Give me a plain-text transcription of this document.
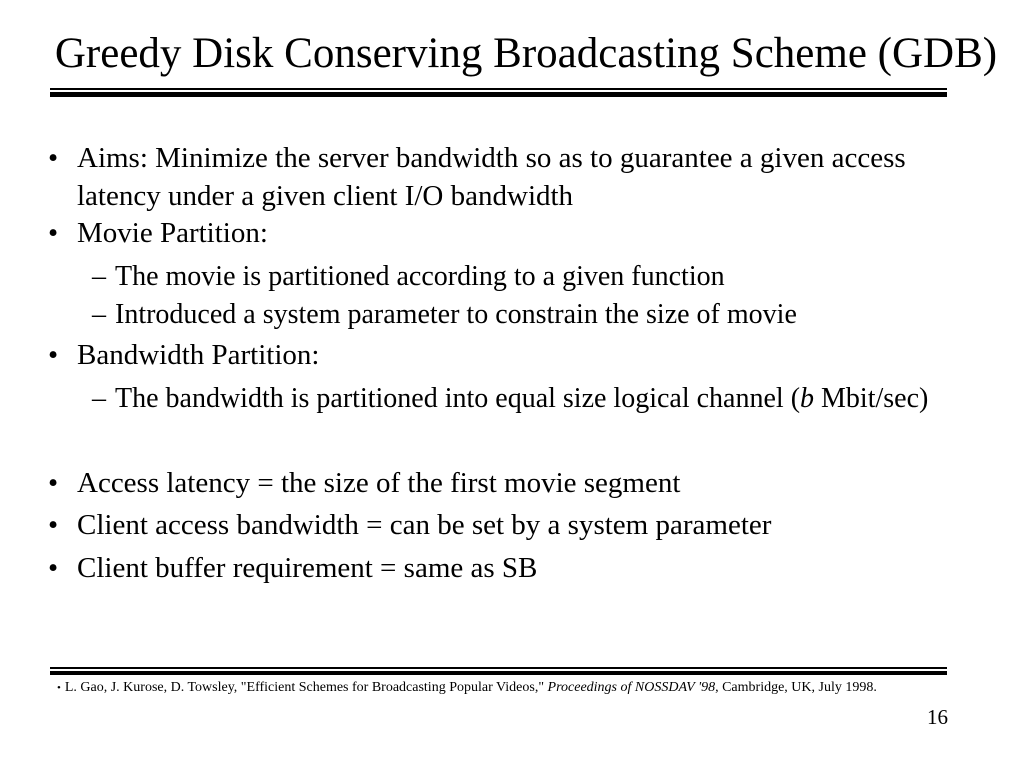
Greedy Disk Conserving Broadcasting Scheme (GDB)
• Aims: Minimize the server bandwidth so as to guarantee a given access
latency under a given client I/O bandwidth
• Movie Partition:
– The movie is partitioned according to a given function
– Introduced a system parameter to constrain the size of movie
• Bandwidth Partition:
– The bandwidth is partitioned into equal size logical channel (b Mbit/sec)
• Access latency = the size of the first movie segment
• Client access bandwidth = can be set by a system parameter
• Client buffer requirement = same as SB
• L. Gao, J. Kurose, D. Towsley, "Efficient Schemes for Broadcasting Popular Videos," Proceedings of NOSSDAV '98, Cambridge, UK, July 1998.
16
